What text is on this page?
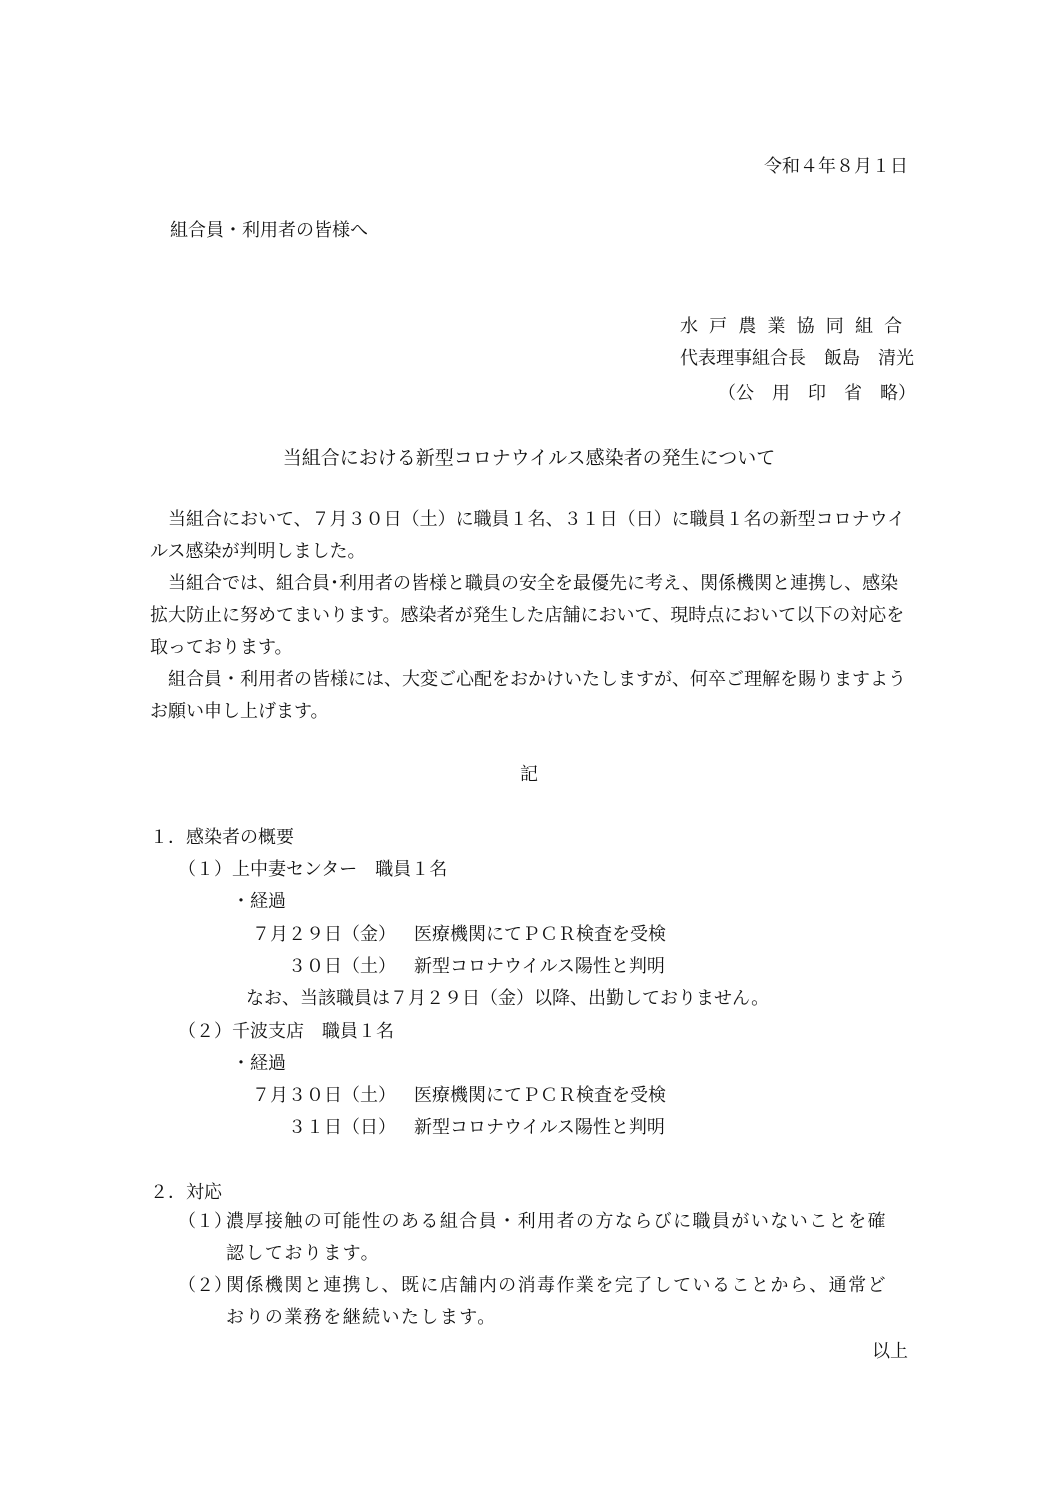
令和４年８月１日
組合員・利用者の皆様へ
水戸農業協同組合
代表理事組合長　飯島　清光
（公　用　印　省　略）
当組合における新型コロナウイルス感染者の発生について
当組合において、７月３０日（土）に職員１名、３１日（日）に職員１名の新型コロナウイルス感染が判明しました。
当組合では、組合員･利用者の皆様と職員の安全を最優先に考え、関係機関と連携し、感染拡大防止に努めてまいります。感染者が発生した店舗において、現時点において以下の対応を取っております。
組合員・利用者の皆様には、大変ご心配をおかけいたしますが、何卒ご理解を賜りますようお願い申し上げます。
記
１．感染者の概要
（１）上中妻センター　職員１名
・経過
７月２９日（金） 医療機関にてＰＣＲ検査を受検
３０日（土） 新型コロナウイルス陽性と判明
なお、当該職員は７月２９日（金）以降、出勤しておりません。
（２）千波支店　職員１名
・経過
７月３０日（土） 医療機関にてＰＣＲ検査を受検
３１日（日） 新型コロナウイルス陽性と判明
２．対応
（１）
濃厚接触の可能性のある組合員・利用者の方ならびに職員がいないことを確認しております。
（２）
関係機関と連携し、既に店舗内の消毒作業を完了していることから、通常どおりの業務を継続いたします。
以上
